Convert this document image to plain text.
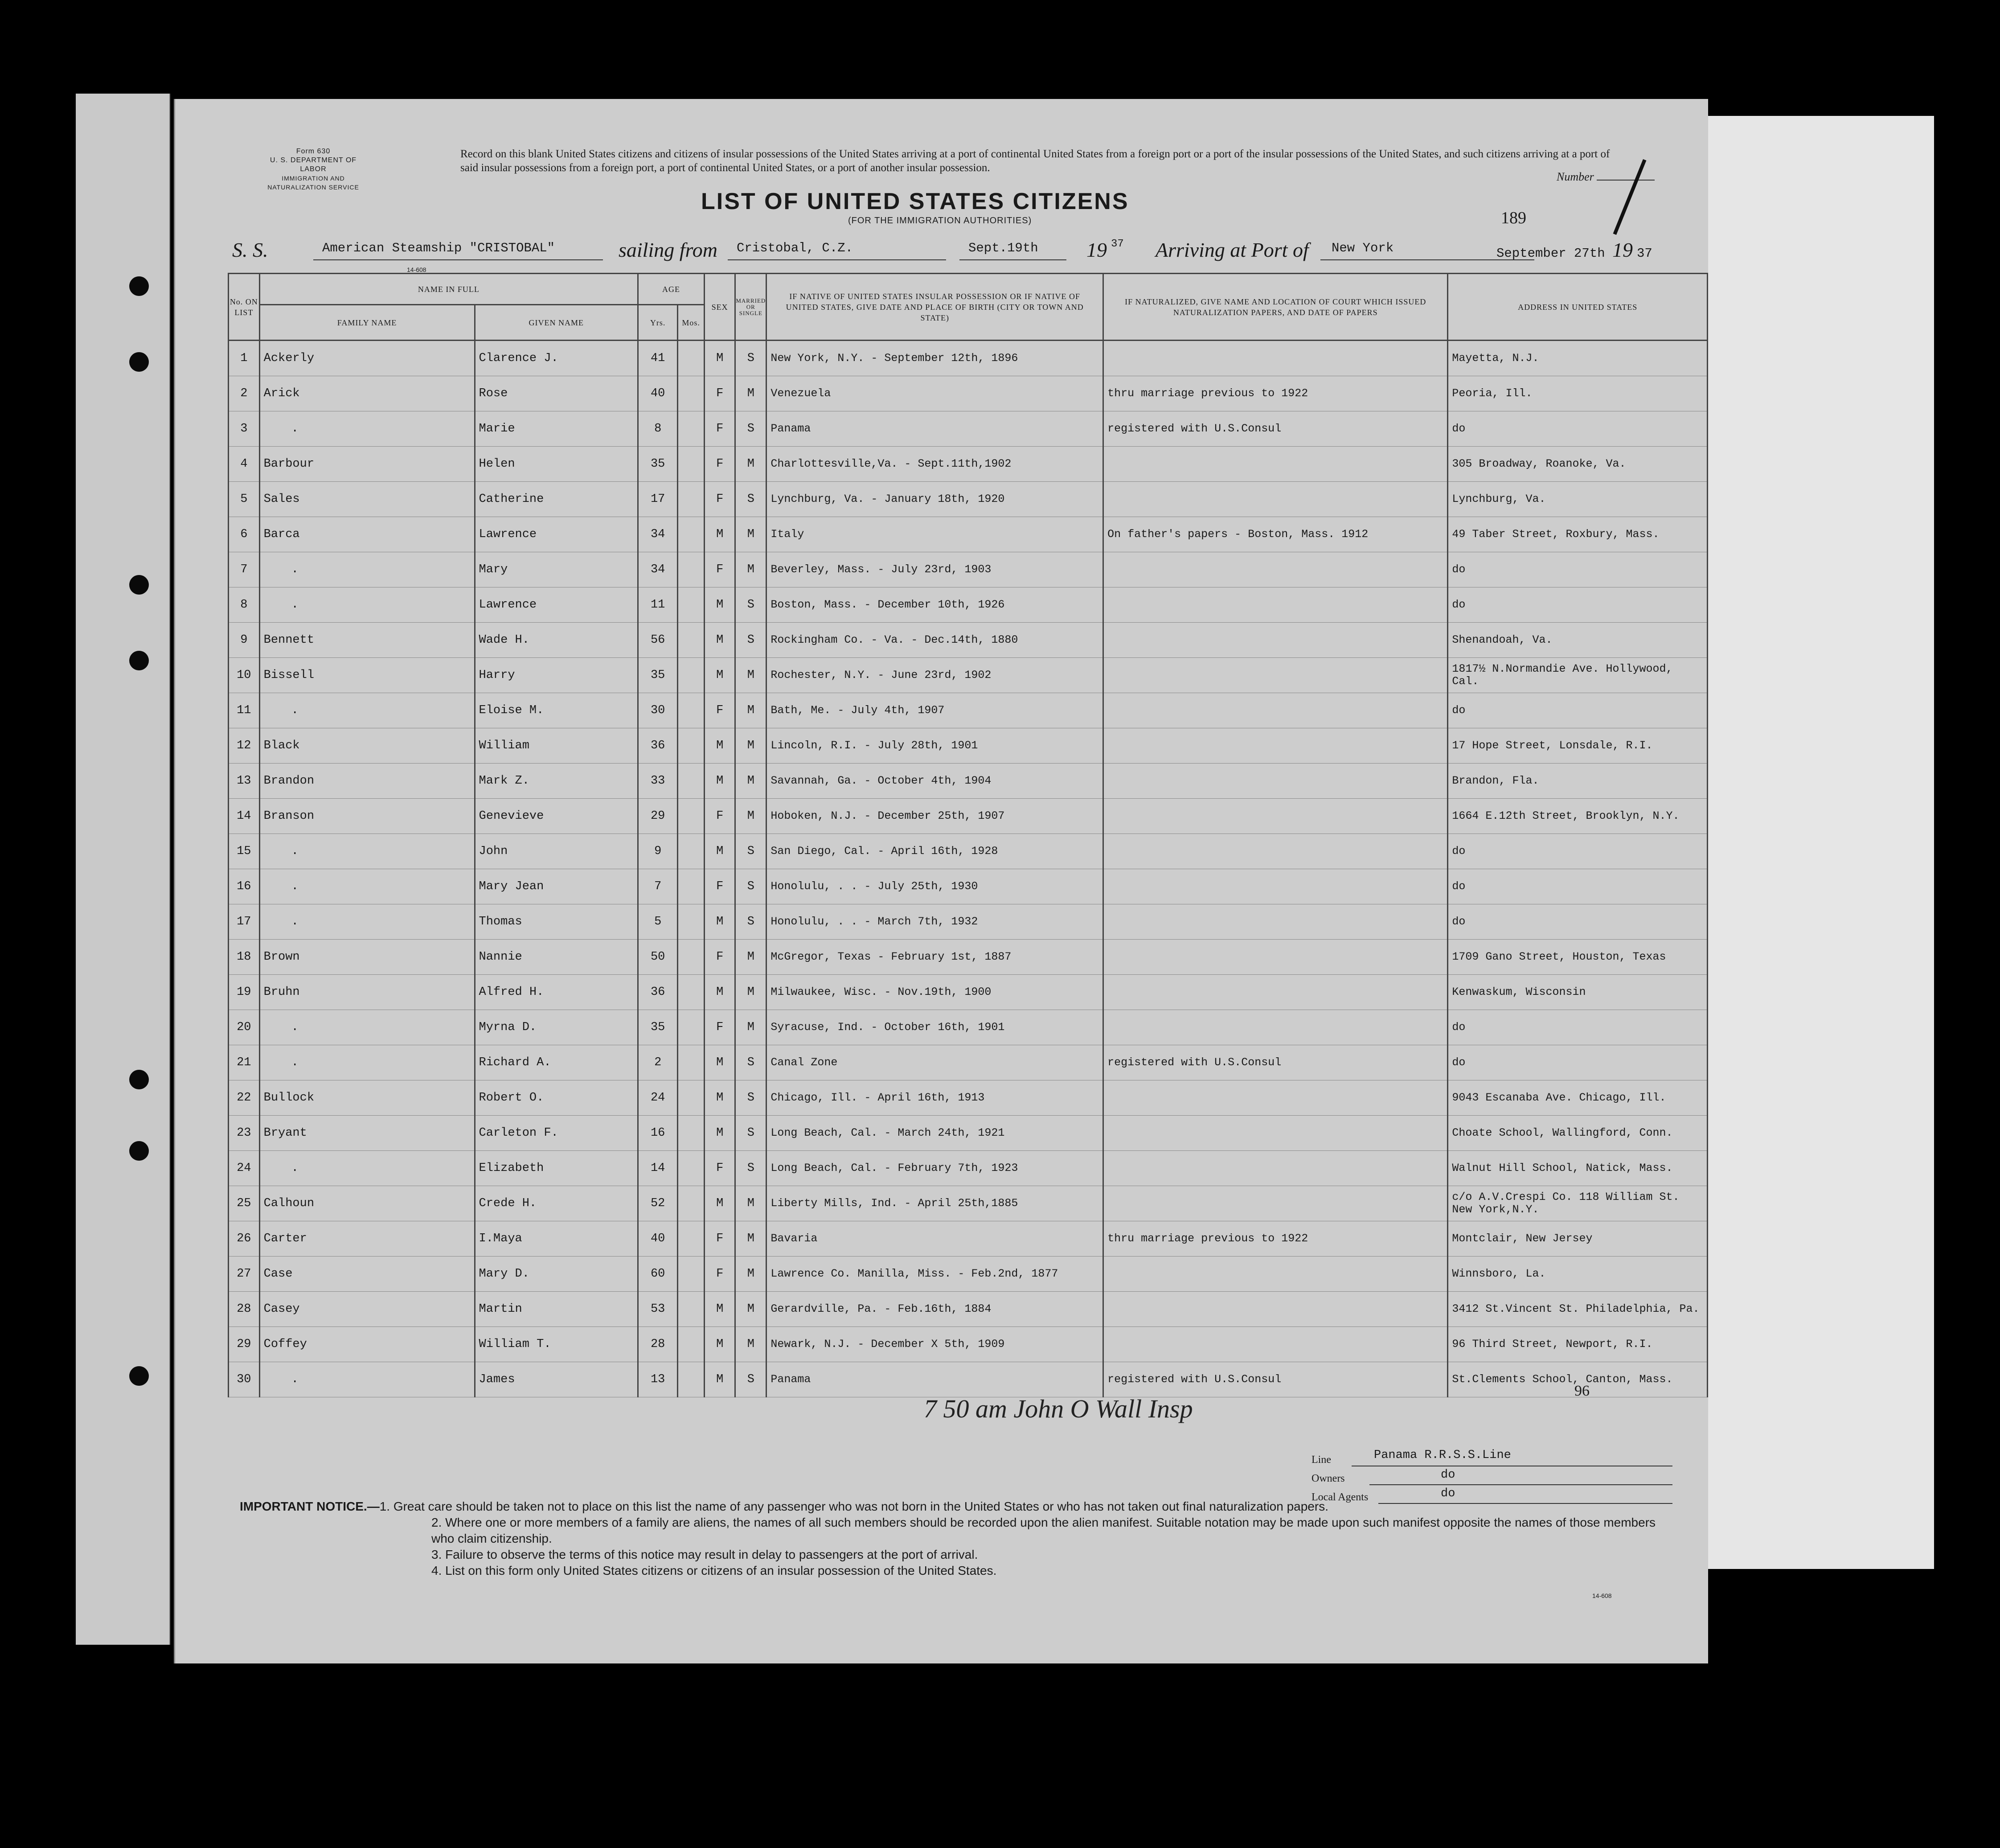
Form 630
U. S. DEPARTMENT OF LABOR
IMMIGRATION AND NATURALIZATION SERVICE
Record on this blank United States citizens and citizens of insular possessions of the United States arriving at a port of continental United States from a foreign port or a port of the insular possessions of the United States, and such citizens arriving at a port of said insular possessions from a foreign port, a port of continental United States, or a port of another insular possession.
Number
LIST OF UNITED STATES CITIZENS
(FOR THE IMMIGRATION AUTHORITIES)	189
S. S.	American Steamship "CRISTOBAL"	sailing from Cristobal, C.Z.	Sept.19th 19 37 Arriving at Port of New York	September 27th 19 37
14-608
No. ON LIST	NAME IN FULL		AGE		SEX	MARRIED OR SINGLE	IF NATIVE OF UNITED STATES INSULAR POSSESSION OR IF NATIVE OF UNITED STATES, GIVE DATE AND PLACE OF BIRTH (CITY OR TOWN AND STATE)	IF NATURALIZED, GIVE NAME AND LOCATION OF COURT WHICH ISSUED NATURALIZATION PAPERS, AND DATE OF PAPERS	ADDRESS IN UNITED STATES
	FAMILY NAME	GIVEN NAME	Yrs.	Mos.					
1	Ackerly	Clarence J.	41		M	S	New York, N.Y. - September 12th, 1896		Mayetta, N.J.
2	Arick	Rose	40		F	M	Venezuela	thru marriage previous to 1922	Peoria, Ill.
3	.	Marie	8		F	S	Panama	registered with U.S.Consul	do
4	Barbour	Helen	35		F	M	Charlottesville,Va. - Sept.11th,1902		305 Broadway, Roanoke, Va.
5	Sales	Catherine	17		F	S	Lynchburg, Va. - January 18th, 1920		Lynchburg, Va.
6	Barca	Lawrence	34		M	M	Italy	On father's papers - Boston, Mass. 1912	49 Taber Street, Roxbury, Mass.
7	.	Mary	34		F	M	Beverley, Mass. - July 23rd, 1903		do
8	.	Lawrence	11		M	S	Boston, Mass. - December 10th, 1926		do
9	Bennett	Wade H.	56		M	S	Rockingham Co. - Va. - Dec.14th, 1880		Shenandoah, Va.
10	Bissell	Harry	35		M	M	Rochester, N.Y. - June 23rd, 1902		1817½ N.Normandie Ave. Hollywood, Cal.
11	.	Eloise M.	30		F	M	Bath, Me. - July 4th, 1907		do
12	Black	William	36		M	M	Lincoln, R.I. - July 28th, 1901		17 Hope Street, Lonsdale, R.I.
13	Brandon	Mark Z.	33		M	M	Savannah, Ga. - October 4th, 1904		Brandon, Fla.
14	Branson	Genevieve	29		F	M	Hoboken, N.J. - December 25th, 1907		1664 E.12th Street, Brooklyn, N.Y.
15	.	John	9		M	S	San Diego, Cal. - April 16th, 1928		do
16	.	Mary Jean	7		F	S	Honolulu, . . - July 25th, 1930		do
17	.	Thomas	5		M	S	Honolulu, . . - March 7th, 1932		do
18	Brown	Nannie	50		F	M	McGregor, Texas - February 1st, 1887		1709 Gano Street, Houston, Texas
19	Bruhn	Alfred H.	36		M	M	Milwaukee, Wisc. - Nov.19th, 1900		Kenwaskum, Wisconsin
20	.	Myrna D.	35		F	M	Syracuse, Ind. - October 16th, 1901		do
21	.	Richard A.	2		M	S	Canal Zone	registered with U.S.Consul	do
22	Bullock	Robert O.	24		M	S	Chicago, Ill. - April 16th, 1913		9043 Escanaba Ave. Chicago, Ill.
23	Bryant	Carleton F.	16		M	S	Long Beach, Cal. - March 24th, 1921		Choate School, Wallingford, Conn.
24	.	Elizabeth	14		F	S	Long Beach, Cal. - February 7th, 1923		Walnut Hill School, Natick, Mass.
25	Calhoun	Crede H.	52		M	M	Liberty Mills, Ind. - April 25th,1885		c/o A.V.Crespi Co. 118 William St. New York,N.Y.
26	Carter	I.Maya	40		F	M	Bavaria	thru marriage previous to 1922	Montclair, New Jersey
27	Case	Mary D.	60		F	M	Lawrence Co. Manilla, Miss. - Feb.2nd, 1877		Winnsboro, La.
28	Casey	Martin	53		M	M	Gerardville, Pa. - Feb.16th, 1884		3412 St.Vincent St. Philadelphia, Pa.
29	Coffey	William T.	28		M	M	Newark, N.J. - December X 5th, 1909		96 Third Street, Newport, R.I.
30	.	James	13		M	S	Panama	registered with U.S.Consul	St.Clements School, Canton, Mass.
96
7 50 am John O Wall Insp
Line	Panama R.R.S.S.Line
Owners	do
Local Agents	do
IMPORTANT NOTICE.—1. Great care should be taken not to place on this list the name of any passenger who was not born in the United States or who has not taken out final naturalization papers.
2. Where one or more members of a family are aliens, the names of all such members should be recorded upon the alien manifest. Suitable notation may be made upon such manifest opposite the names of those members who claim citizenship.
3. Failure to observe the terms of this notice may result in delay to passengers at the port of arrival.
4. List on this form only United States citizens or citizens of an insular possession of the United States.
14-608
